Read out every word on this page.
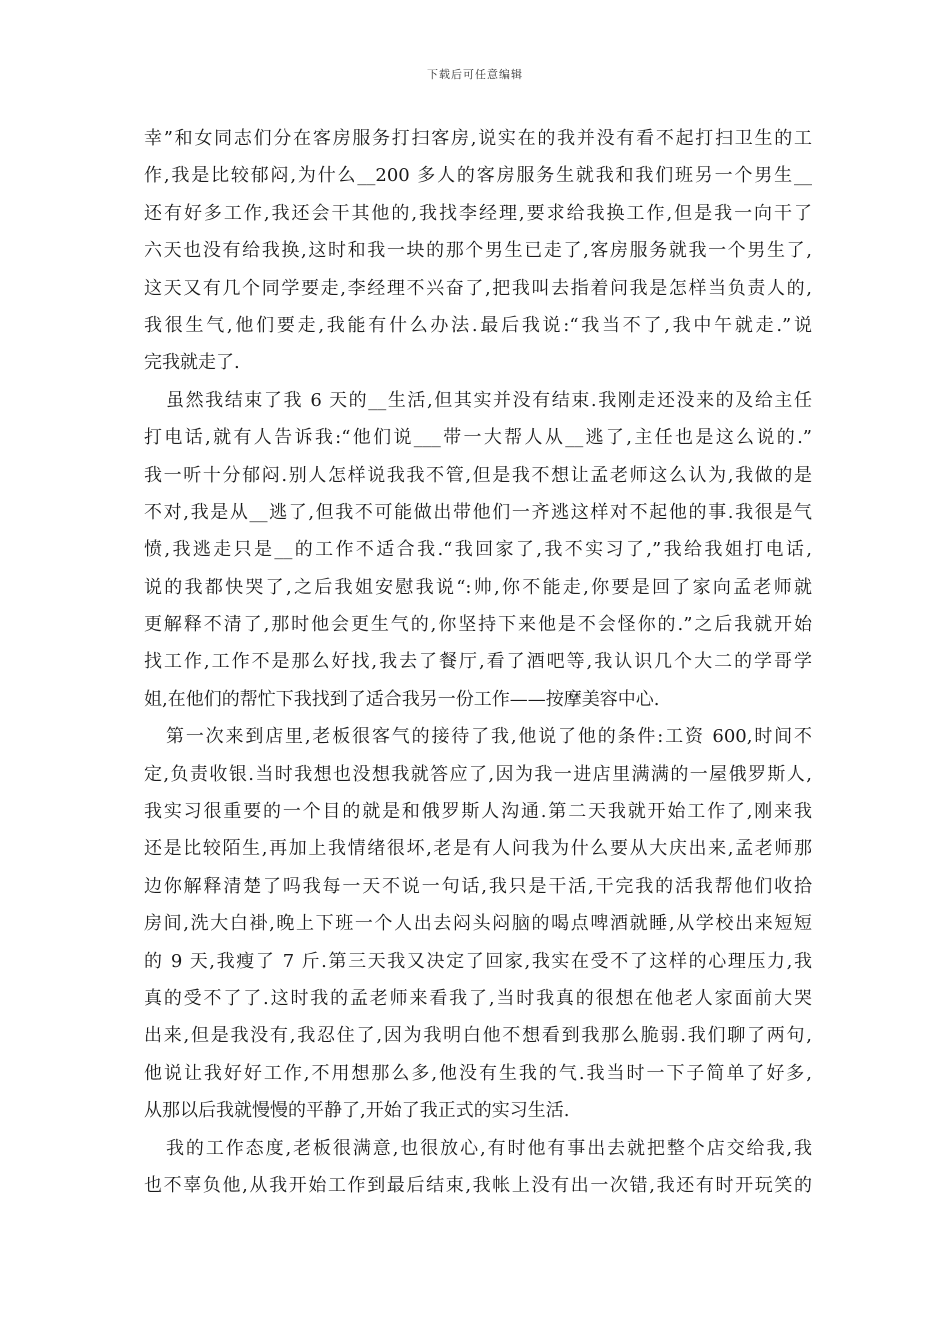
下载后可任意编辑
幸”和女同志们分在客房服务打扫客房,说实在的我并没有看不起打扫卫生的工
作,我是比较郁闷,为什么__200 多人的客房服务生就我和我们班另一个男生__
还有好多工作,我还会干其他的,我找李经理,要求给我换工作,但是我一向干了
六天也没有给我换,这时和我一块的那个男生已走了,客房服务就我一个男生了,
这天又有几个同学要走,李经理不兴奋了,把我叫去指着问我是怎样当负责人的,
我很生气,他们要走,我能有什么办法.最后我说:“我当不了,我中午就走.”说
完我就走了.
虽然我结束了我 6 天的__生活,但其实并没有结束.我刚走还没来的及给主任
打电话,就有人告诉我:“他们说___带一大帮人从__逃了,主任也是这么说的.”
我一听十分郁闷.别人怎样说我我不管,但是我不想让孟老师这么认为,我做的是
不对,我是从__逃了,但我不可能做出带他们一齐逃这样对不起他的事.我很是气
愤,我逃走只是__的工作不适合我.“我回家了,我不实习了,”我给我姐打电话,
说的我都快哭了,之后我姐安慰我说“:帅,你不能走,你要是回了家向孟老师就
更解释不清了,那时他会更生气的,你坚持下来他是不会怪你的.”之后我就开始
找工作,工作不是那么好找,我去了餐厅,看了酒吧等,我认识几个大二的学哥学
姐,在他们的帮忙下我找到了适合我另一份工作——按摩美容中心.
第一次来到店里,老板很客气的接待了我,他说了他的条件:工资 600,时间不
定,负责收银.当时我想也没想我就答应了,因为我一进店里满满的一屋俄罗斯人,
我实习很重要的一个目的就是和俄罗斯人沟通.第二天我就开始工作了,刚来我
还是比较陌生,再加上我情绪很坏,老是有人问我为什么要从大庆出来,孟老师那
边你解释清楚了吗我每一天不说一句话,我只是干活,干完我的活我帮他们收拾
房间,洗大白褂,晚上下班一个人出去闷头闷脑的喝点啤酒就睡,从学校出来短短
的 9 天,我瘦了 7 斤.第三天我又决定了回家,我实在受不了这样的心理压力,我
真的受不了了.这时我的孟老师来看我了,当时我真的很想在他老人家面前大哭
出来,但是我没有,我忍住了,因为我明白他不想看到我那么脆弱.我们聊了两句,
他说让我好好工作,不用想那么多,他没有生我的气.我当时一下子简单了好多,
从那以后我就慢慢的平静了,开始了我正式的实习生活.
我的工作态度,老板很满意,也很放心,有时他有事出去就把整个店交给我,我
也不辜负他,从我开始工作到最后结束,我帐上没有出一次错,我还有时开玩笑的
